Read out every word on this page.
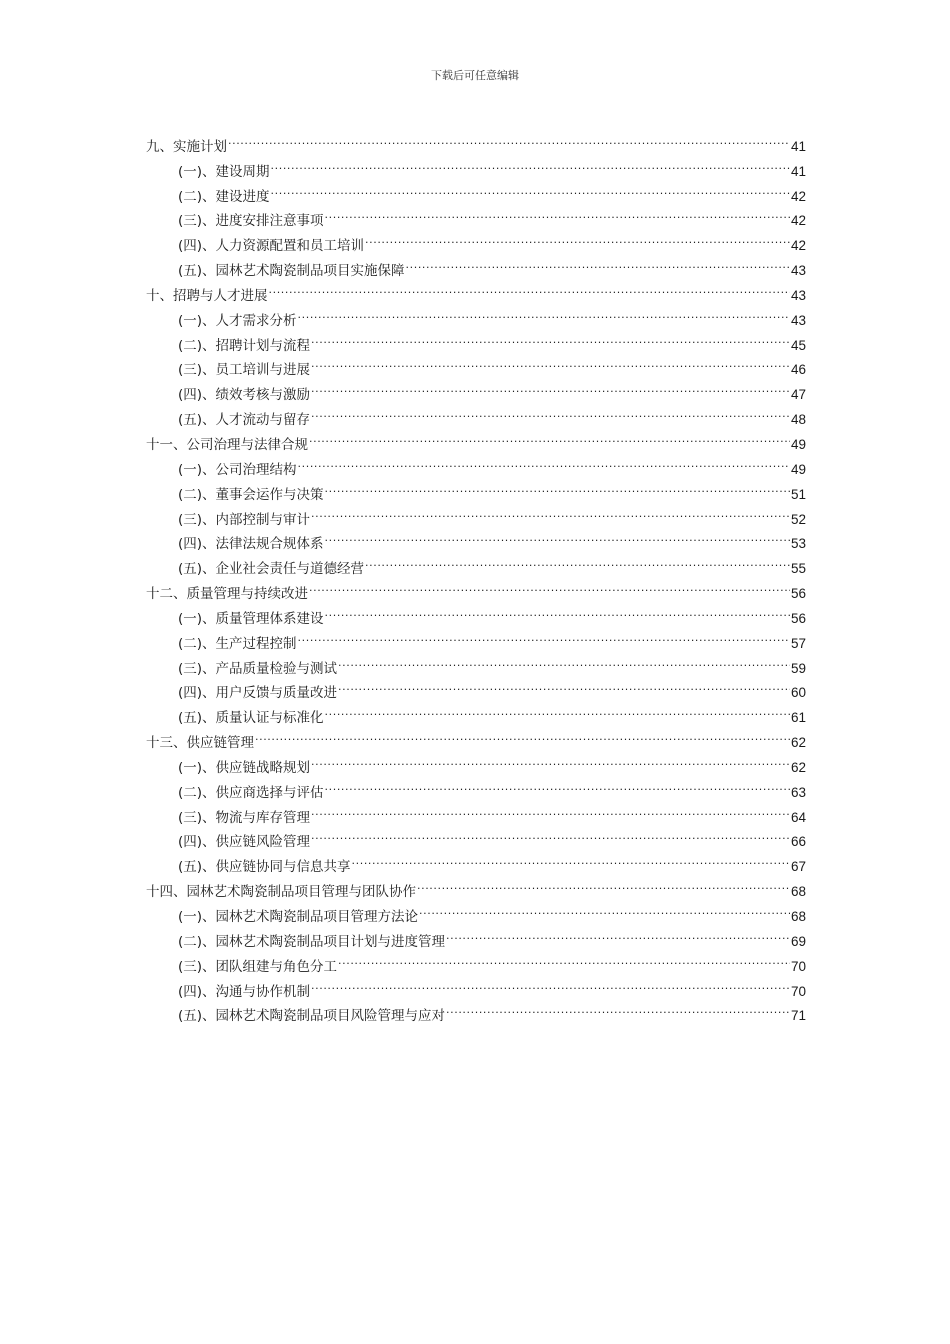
下载后可任意编辑
九、实施计划 .....	41
(一)、建设周期 .....	41
(二)、建设进度 .....	42
(三)、进度安排注意事项 .....	42
(四)、人力资源配置和员工培训 .....	42
(五)、园林艺术陶瓷制品项目实施保障 .....	43
十、招聘与人才进展 .....	43
(一)、人才需求分析 .....	43
(二)、招聘计划与流程 .....	45
(三)、员工培训与进展 .....	46
(四)、绩效考核与激励 .....	47
(五)、人才流动与留存 .....	48
十一、公司治理与法律合规 .....	49
(一)、公司治理结构 .....	49
(二)、董事会运作与决策 .....	51
(三)、内部控制与审计 .....	52
(四)、法律法规合规体系 .....	53
(五)、企业社会责任与道德经营 .....	55
十二、质量管理与持续改进 .....	56
(一)、质量管理体系建设 .....	56
(二)、生产过程控制 .....	57
(三)、产品质量检验与测试 .....	59
(四)、用户反馈与质量改进 .....	60
(五)、质量认证与标准化 .....	61
十三、供应链管理 .....	62
(一)、供应链战略规划 .....	62
(二)、供应商选择与评估 .....	63
(三)、物流与库存管理 .....	64
(四)、供应链风险管理 .....	66
(五)、供应链协同与信息共享 .....	67
十四、园林艺术陶瓷制品项目管理与团队协作 .....	68
(一)、园林艺术陶瓷制品项目管理方法论 .....	68
(二)、园林艺术陶瓷制品项目计划与进度管理 .....	69
(三)、团队组建与角色分工 .....	70
(四)、沟通与协作机制 .....	70
(五)、园林艺术陶瓷制品项目风险管理与应对 .....	71
